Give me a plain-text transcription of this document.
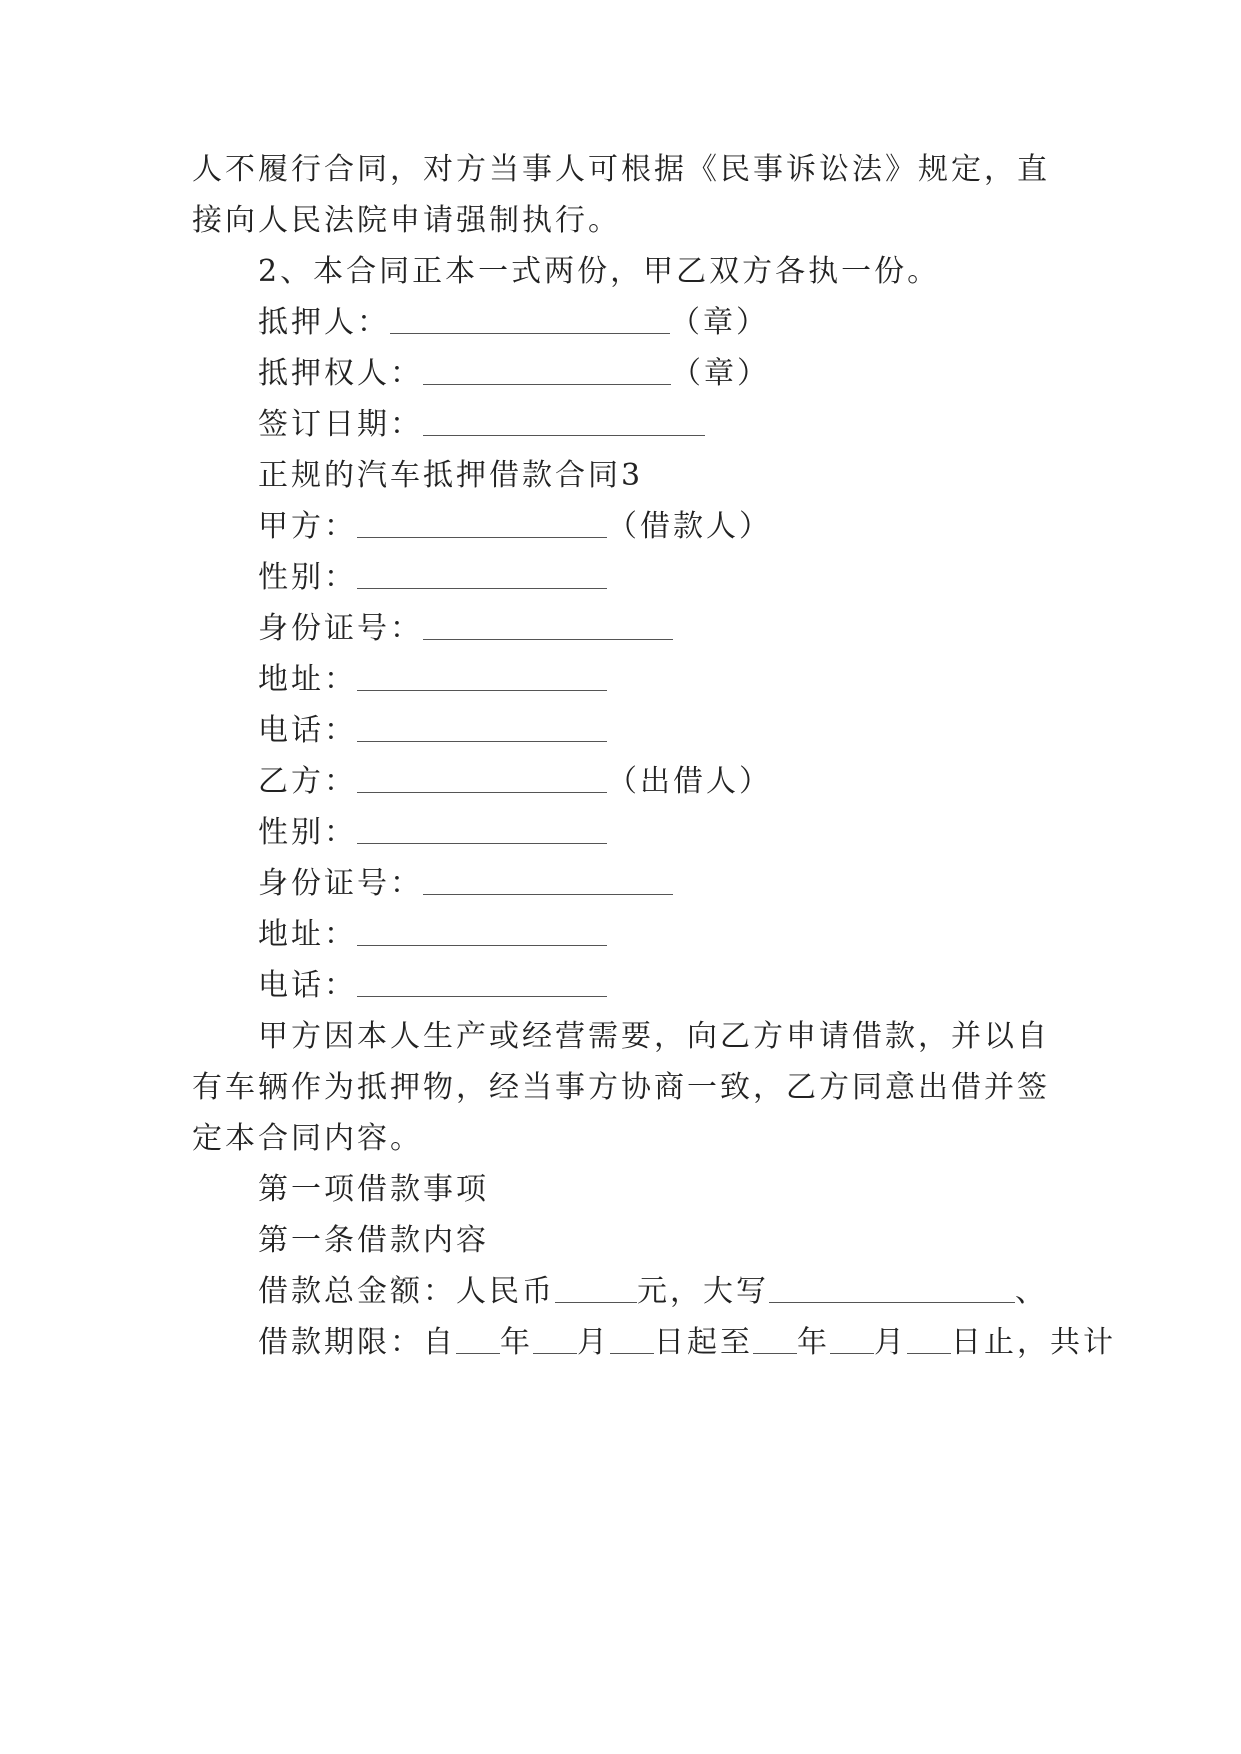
人不履行合同，对方当事人可根据《民事诉讼法》规定，直
接向人民法院申请强制执行。
2、本合同正本一式两份，甲乙双方各执一份。
抵押人：	（章）
抵押权人：	（章）
签订日期：
正规的汽车抵押借款合同3
甲方：	（借款人）
性别：
身份证号：
地址：
电话：
乙方：	（出借人）
性别：
身份证号：
地址：
电话：
甲方因本人生产或经营需要，向乙方申请借款，并以自
有车辆作为抵押物，经当事方协商一致，乙方同意出借并签
定本合同内容。
第一项借款事项
第一条借款内容
借款总金额：人民币	元，大写	、
借款期限：自 年 月 日起至 年 月 日止，共计
